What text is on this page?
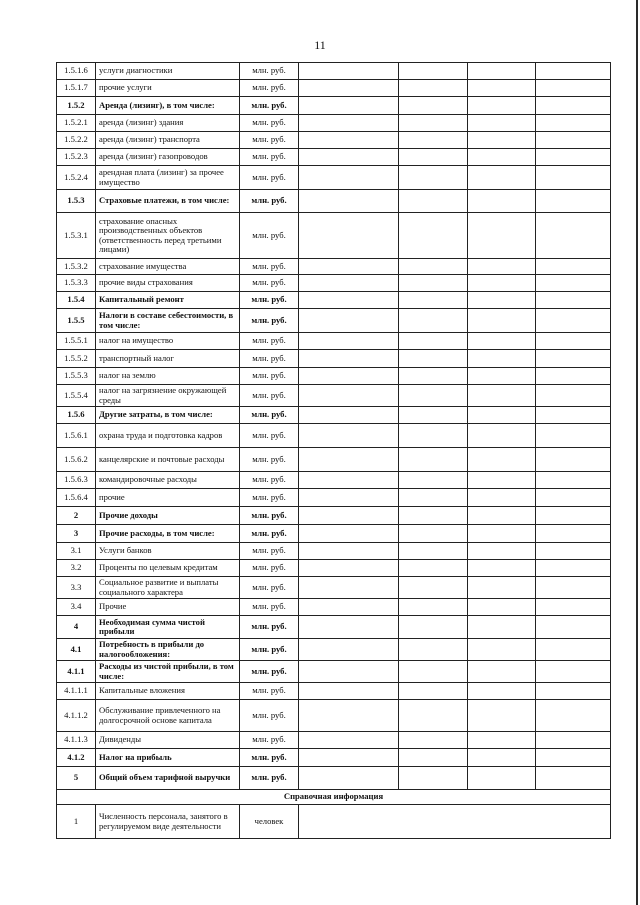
11
1.5.1.6	услуги диагностики	млн. руб.				
1.5.1.7	прочие услуги	млн. руб.				
1.5.2	Аренда (лизинг), в том числе:	млн. руб.				
1.5.2.1	аренда (лизинг) здания	млн. руб.				
1.5.2.2	аренда (лизинг) транспорта	млн. руб.				
1.5.2.3	аренда (лизинг) газопроводов	млн. руб.				
1.5.2.4	арендная плата (лизинг) за прочее имущество	млн. руб.				
1.5.3	Страховые платежи, в том числе:	млн. руб.				
1.5.3.1	страхование опасных производственных объектов (ответственность перед третьими лицами)	млн. руб.				
1.5.3.2	страхование имущества	млн. руб.				
1.5.3.3	прочие виды страхования	млн. руб.				
1.5.4	Капитальный ремонт	млн. руб.				
1.5.5	Налоги в составе себестоимости, в том числе:	млн. руб.				
1.5.5.1	налог на имущество	млн. руб.				
1.5.5.2	транспортный налог	млн. руб.				
1.5.5.3	налог на землю	млн. руб.				
1.5.5.4	налог на загрязнение окружающей среды	млн. руб.				
1.5.6	Другие затраты, в том числе:	млн. руб.				
1.5.6.1	охрана труда и подготовка кадров	млн. руб.				
1.5.6.2	канцелярские и почтовые расходы	млн. руб.				
1.5.6.3	командировочные расходы	млн. руб.				
1.5.6.4	прочие	млн. руб.				
2	Прочие доходы	млн. руб.				
3	Прочие расходы, в том числе:	млн. руб.				
3.1	Услуги банков	млн. руб.				
3.2	Проценты по целевым кредитам	млн. руб.				
3.3	Социальное развитие и выплаты социального характера	млн. руб.				
3.4	Прочие	млн. руб.				
4	Необходимая сумма чистой прибыли	млн. руб.				
4.1	Потребность в прибыли до налогообложения:	млн. руб.				
4.1.1	Расходы из чистой прибыли, в том числе:	млн. руб.				
4.1.1.1	Капитальные вложения	млн. руб.				
4.1.1.2	Обслуживание привлеченного на долгосрочной основе капитала	млн. руб.				
4.1.1.3	Дивиденды	млн. руб.				
4.1.2	Налог на прибыль	млн. руб.				
5	Общий объем тарифной выручки	млн. руб.				
Справочная информация						
1	Численность персонала, занятого в регулируемом виде деятельности	человек				
